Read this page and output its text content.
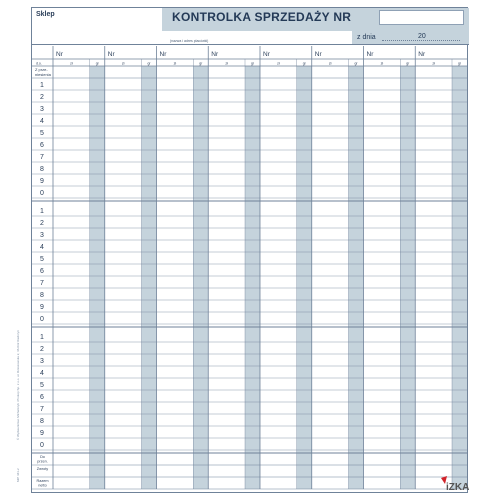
© Wydawnictwo Michalczyk i Prokop Sp. z o.o. ul. Rzeszowska 2, 46-032 Kiedrzyn
MiP 441-2
Sklep	KONTROLKA SPRZEDAŻY NR
(nazwa i adres placówki)	z dnia	20
Nr	Nr	Nr	Nr	Nr	Nr	Nr	Nr
d.o.	zł	gr	zł	gr	zł	gr	zł	gr	zł	gr	zł	gr	zł	gr	zł	gr
Z prze-
niesienia
1
2
3
4
5
6
7
8
9
0
1
2
3
4
5
6
7
8
9
0
1
2
3
4
5
6
7
8
9
0
Do
przen.
Zwroty
Razem
netto	iZKA
